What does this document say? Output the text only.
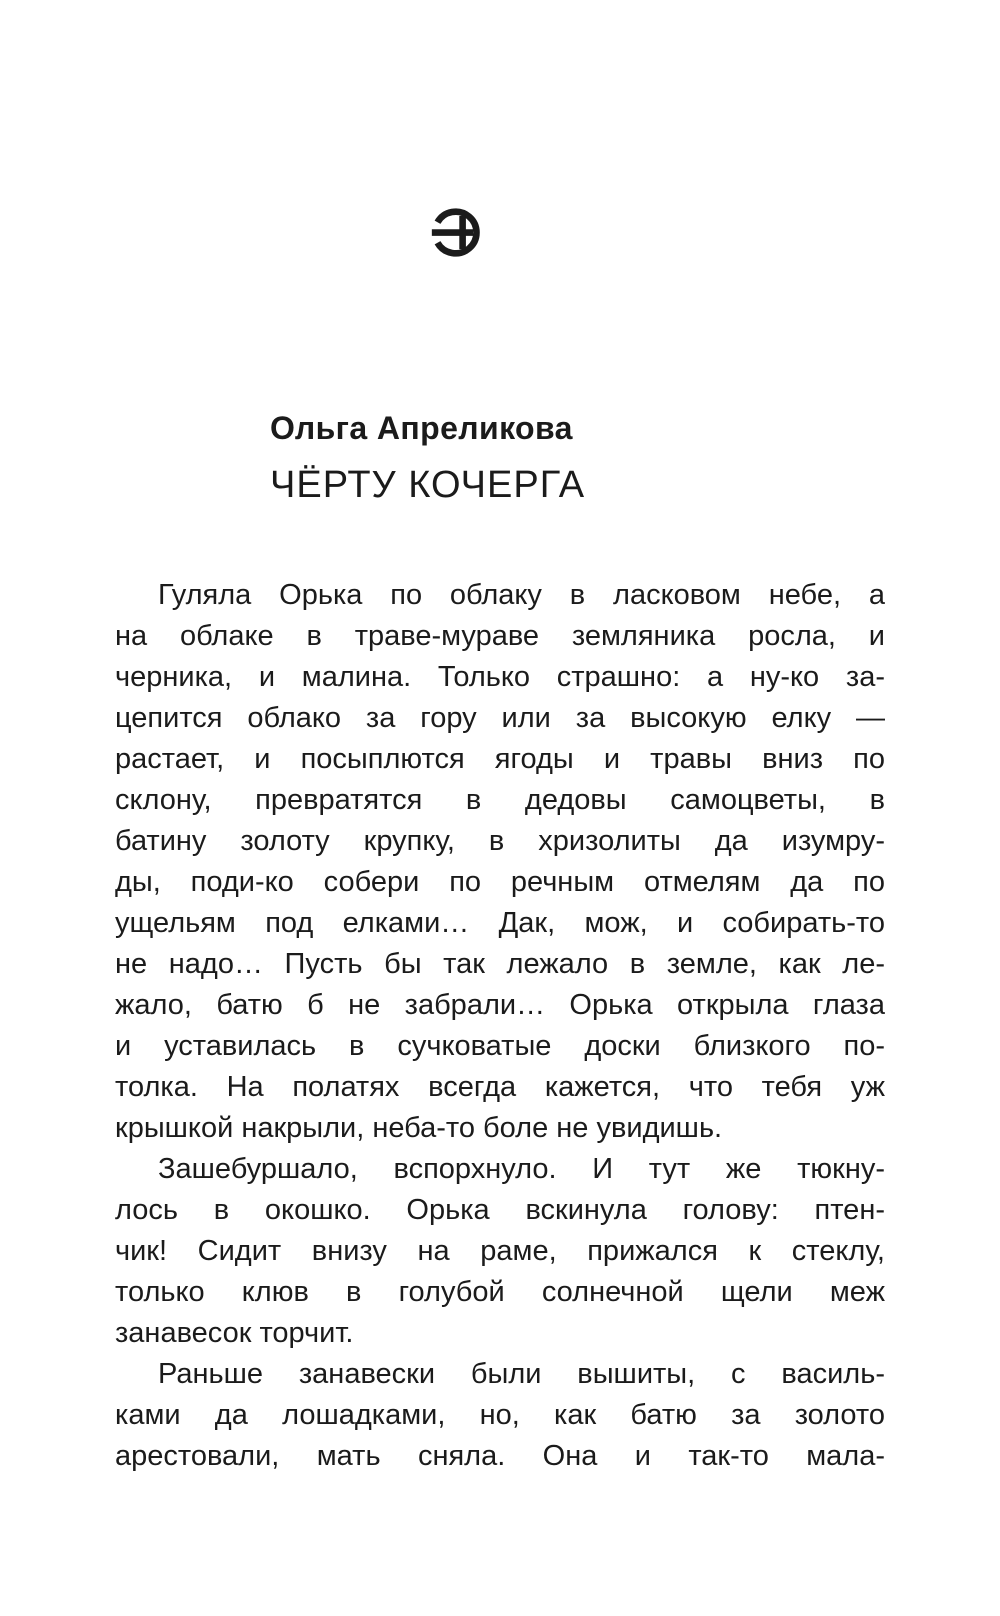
Ольга Апреликова
ЧЁРТУ КОЧЕРГА
Гуляла Орька по облаку в ласковом небе, а
на облаке в траве-мураве земляника росла, и
черника, и малина. Только страшно: а ну-ко за-
цепится облако за гору или за высокую елку —
растает, и посыплются ягоды и травы вниз по
склону, превратятся в дедовы самоцветы, в
батину золоту крупку, в хризолиты да изумру-
ды, поди-ко собери по речным отмелям да по
ущельям под елками… Дак, мож, и собирать-то
не надо… Пусть бы так лежало в земле, как ле-
жало, батю б не забрали… Орька открыла глаза
и уставилась в сучковатые доски близкого по-
толка. На полатях всегда кажется, что тебя уж
крышкой накрыли, неба-то боле не увидишь.
Зашебуршало, вспорхнуло. И тут же тюкну-
лось в окошко. Орька вскинула голову: птен-
чик! Сидит внизу на раме, прижался к стеклу,
только клюв в голубой солнечной щели меж
занавесок торчит.
Раньше занавески были вышиты, с василь-
ками да лошадками, но, как батю за золото
арестовали, мать сняла. Она и так-то мала-
